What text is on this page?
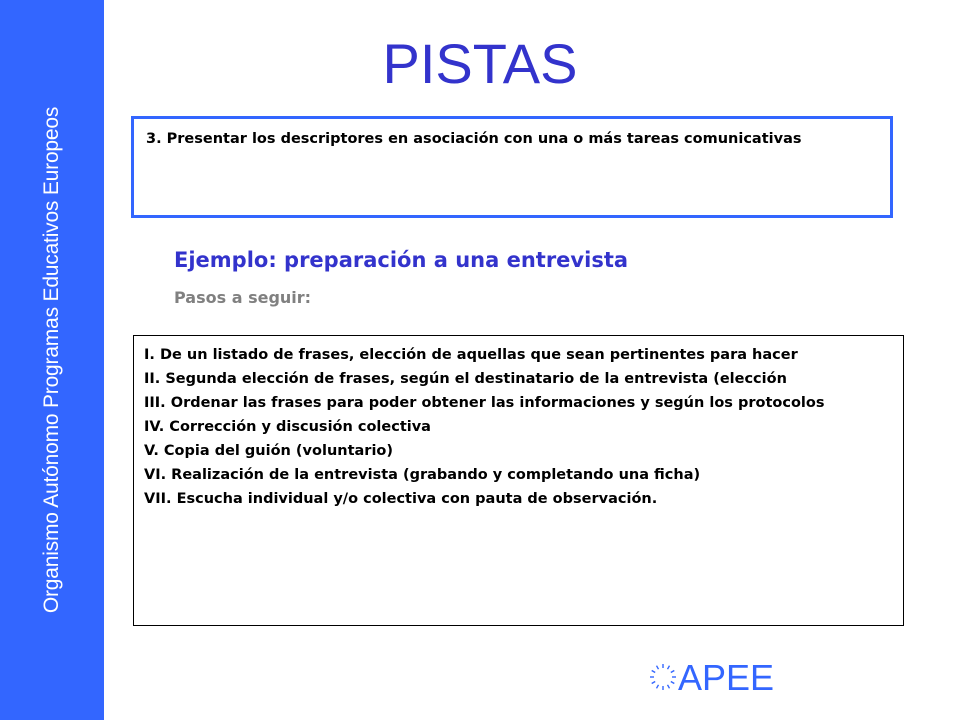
Organismo Autónomo Programas Educativos Europeos
PISTAS
3. Presentar los descriptores en asociación con una o más tareas comunicativas
Ejemplo: preparación a una entrevista
Pasos a seguir:
I. De un listado de frases, elección de aquellas que sean pertinentes para hacer
II. Segunda elección de frases, según el destinatario de la entrevista (elección
III. Ordenar las frases para poder obtener las informaciones y según los protocolos
IV. Corrección y discusión colectiva
V. Copia del guión (voluntario)
VI. Realización de la entrevista (grabando y completando una ficha)
VII. Escucha individual y/o colectiva con pauta de observación.
APEE
